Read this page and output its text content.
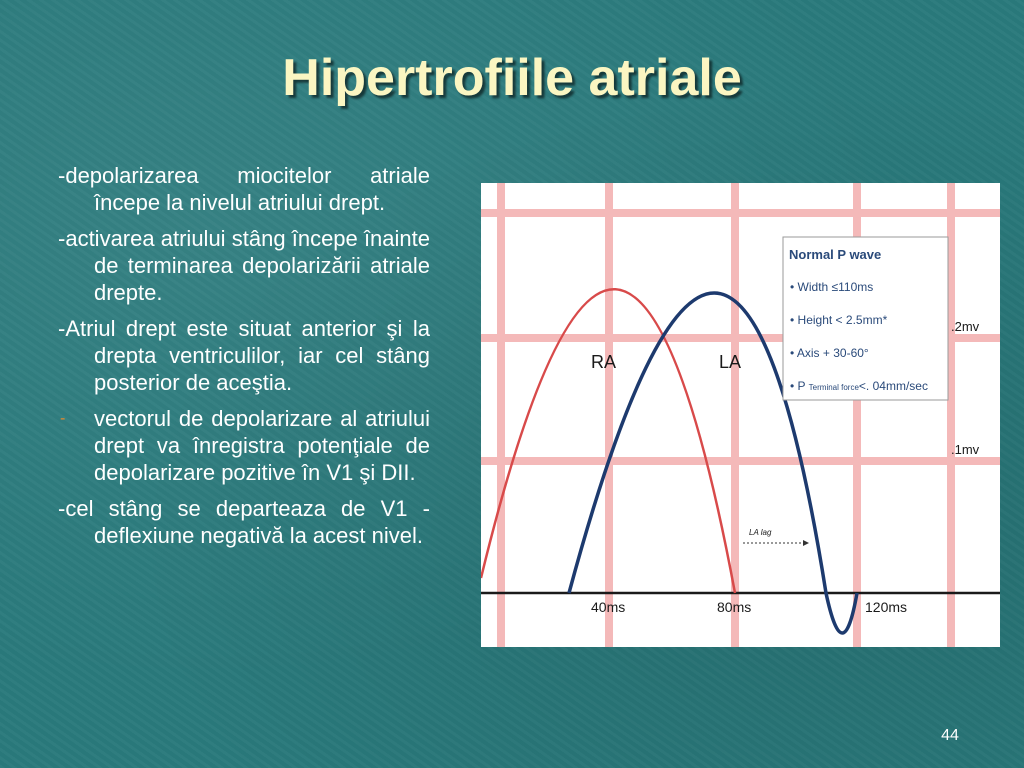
Hipertrofiile atriale

-depolarizarea miocitelor atriale începe la nivelul atriului drept.

-activarea atriului stâng începe înainte de terminarea depolarizării atriale drepte.

-Atriul drept este situat anterior şi la drepta ventriculilor, iar cel stâng posterior de aceştia.

- vectorul de depolarizare al atriului drept va înregistra potenţiale de depolarizare pozitive în V1 şi DII.

-cel stâng se departeaza de V1 - deflexiune negativă la acest nivel.

RA	LA
.2mv
.1mv
LA lag
40ms	80ms	120ms
Normal P wave
• Width ≤110ms
• Height < 2.5mm*
• Axis + 30-60°
• P Terminal force<. 04mm/sec
44
